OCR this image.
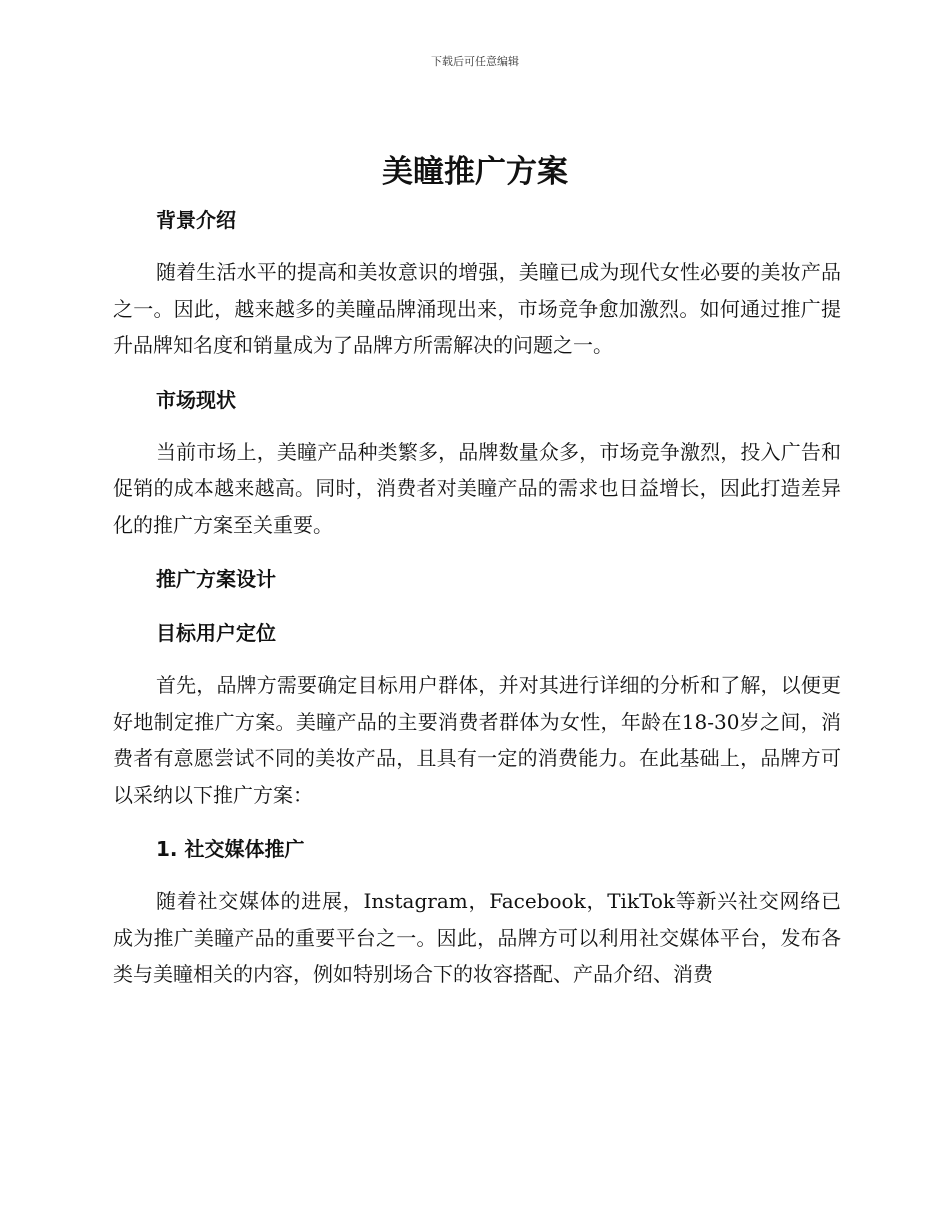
下载后可任意编辑
美瞳推广方案
背景介绍

随着生活水平的提高和美妆意识的增强，美瞳已成为现代女性必要的美妆产品之一。因此，越来越多的美瞳品牌涌现出来，市场竞争愈加激烈。如何通过推广提升品牌知名度和销量成为了品牌方所需解决的问题之一。

市场现状

当前市场上，美瞳产品种类繁多，品牌数量众多，市场竞争激烈，投入广告和促销的成本越来越高。同时，消费者对美瞳产品的需求也日益增长，因此打造差异化的推广方案至关重要。

推广方案设计
目标用户定位

首先，品牌方需要确定目标用户群体，并对其进行详细的分析和了解，以便更好地制定推广方案。美瞳产品的主要消费者群体为女性，年龄在18-30岁之间，消费者有意愿尝试不同的美妆产品，且具有一定的消费能力。在此基础上，品牌方可以采纳以下推广方案：

1. 社交媒体推广

随着社交媒体的进展，Instagram，Facebook，TikTok等新兴社交网络已成为推广美瞳产品的重要平台之一。因此，品牌方可以利用社交媒体平台，发布各类与美瞳相关的内容，例如特别场合下的妆容搭配、产品介绍、消费
